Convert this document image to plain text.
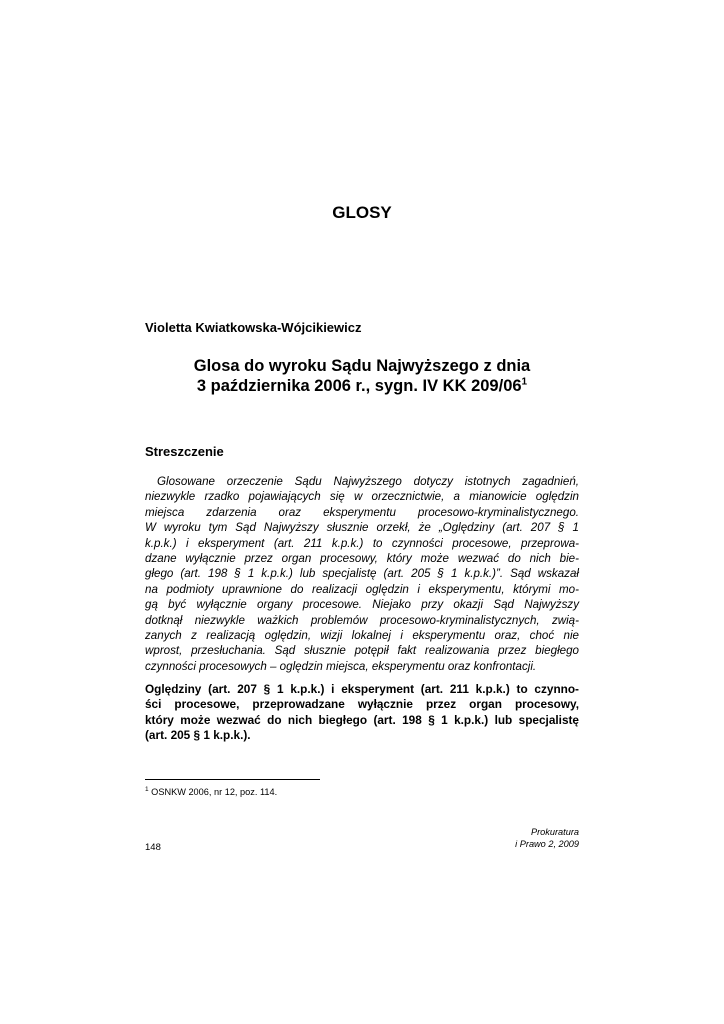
GLOSY
Violetta Kwiatkowska-Wójcikiewicz
Glosa do wyroku Sądu Najwyższego z dnia
3 października 2006 r., sygn. IV KK $209/06^1$
Streszczenie
Glosowane orzeczenie Sądu Najwyższego dotyczy istotnych zagadnień,
niezwykle rzadko pojawiających się w orzecznictwie, a mianowicie oględzin
miejsca zdarzenia oraz eksperymentu procesowo-kryminalistycznego.
W wyroku tym Sąd Najwyższy słusznie orzekł, że „Oględziny (art. 207 § 1
k.p.k.) i eksperyment (art. 211 k.p.k.) to czynności procesowe, przeprowa-
dzane wyłącznie przez organ procesowy, który może wezwać do nich bie-
głego (art. 198 § 1 k.p.k.) lub specjalistę (art. 205 § 1 k.p.k.)”. Sąd wskazał
na podmioty uprawnione do realizacji oględzin i eksperymentu, którymi mo-
gą być wyłącznie organy procesowe. Niejako przy okazji Sąd Najwyższy
dotknął niezwykle ważkich problemów procesowo-kryminalistycznych, zwią-
zanych z realizacją oględzin, wizji lokalnej i eksperymentu oraz, choć nie
wprost, przesłuchania. Sąd słusznie potępił fakt realizowania przez biegłego
czynności procesowych – oględzin miejsca, eksperymentu oraz konfrontacji.
Oględziny (art. 207 § 1 k.p.k.) i eksperyment (art. 211 k.p.k.) to czynno-
ści procesowe, przeprowadzane wyłącznie przez organ procesowy,
który może wezwać do nich biegłego (art. 198 § 1 k.p.k.) lub specjalistę
(art. 205 § 1 k.p.k.).
$^1$ OSNKW 2006, nr 12, poz. 114.
148
Prokuratura
i Prawo 2, 2009
